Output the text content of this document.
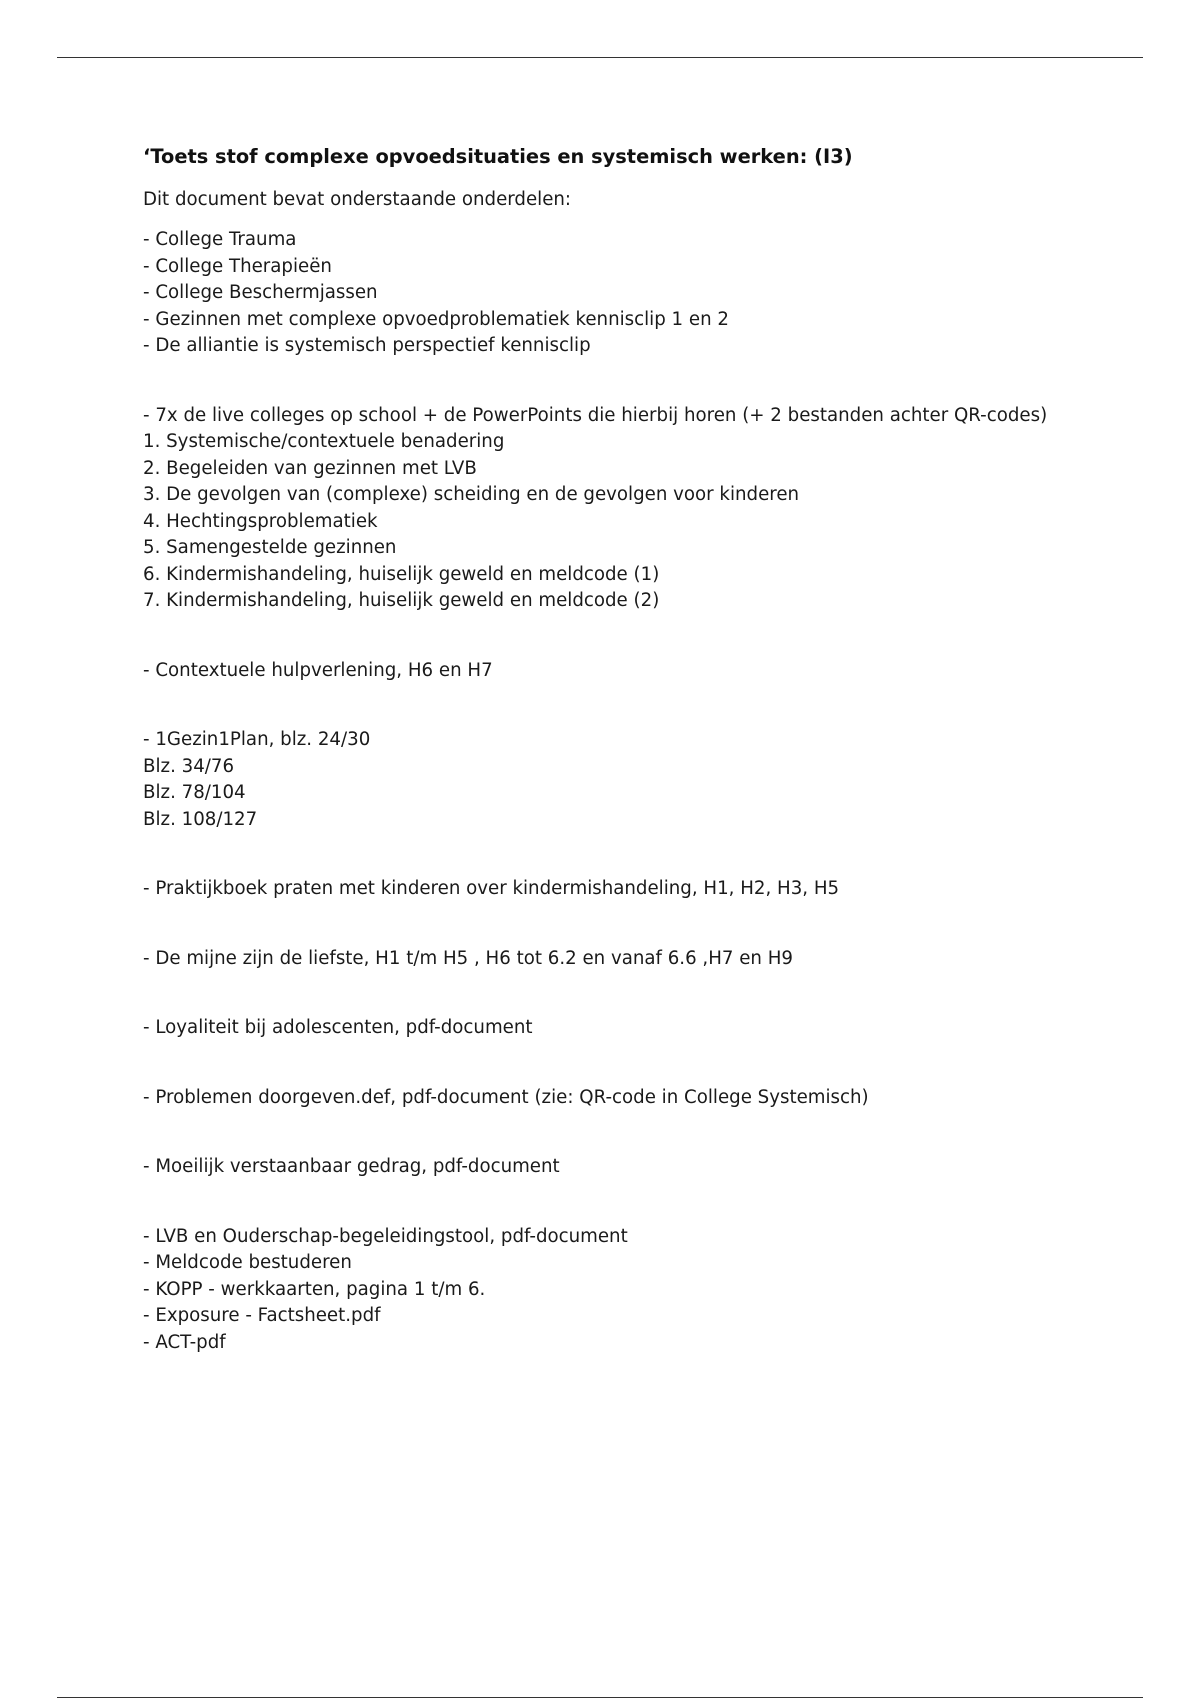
‘Toets stof complexe opvoedsituaties en systemisch werken: (I3)
Dit document bevat onderstaande onderdelen:
- College Trauma
- College Therapieën
- College Beschermjassen
- Gezinnen met complexe opvoedproblematiek kennisclip 1 en 2
- De alliantie is systemisch perspectief kennisclip
- 7x de live colleges op school + de PowerPoints die hierbij horen (+ 2 bestanden achter QR-codes)
1. Systemische/contextuele benadering
2. Begeleiden van gezinnen met LVB
3. De gevolgen van (complexe) scheiding en de gevolgen voor kinderen
4. Hechtingsproblematiek
5. Samengestelde gezinnen
6. Kindermishandeling, huiselijk geweld en meldcode (1)
7. Kindermishandeling, huiselijk geweld en meldcode (2)
- Contextuele hulpverlening, H6 en H7
- 1Gezin1Plan, blz. 24/30
Blz. 34/76
Blz. 78/104
Blz. 108/127
- Praktijkboek praten met kinderen over kindermishandeling, H1, H2, H3, H5
- De mijne zijn de liefste, H1 t/m H5 , H6 tot 6.2 en vanaf 6.6 ,H7 en H9
- Loyaliteit bij adolescenten, pdf-document
- Problemen doorgeven.def, pdf-document (zie: QR-code in College Systemisch)
- Moeilijk verstaanbaar gedrag, pdf-document
- LVB en Ouderschap-begeleidingstool, pdf-document
- Meldcode bestuderen
- KOPP - werkkaarten, pagina 1 t/m 6.
- Exposure - Factsheet.pdf
- ACT-pdf
